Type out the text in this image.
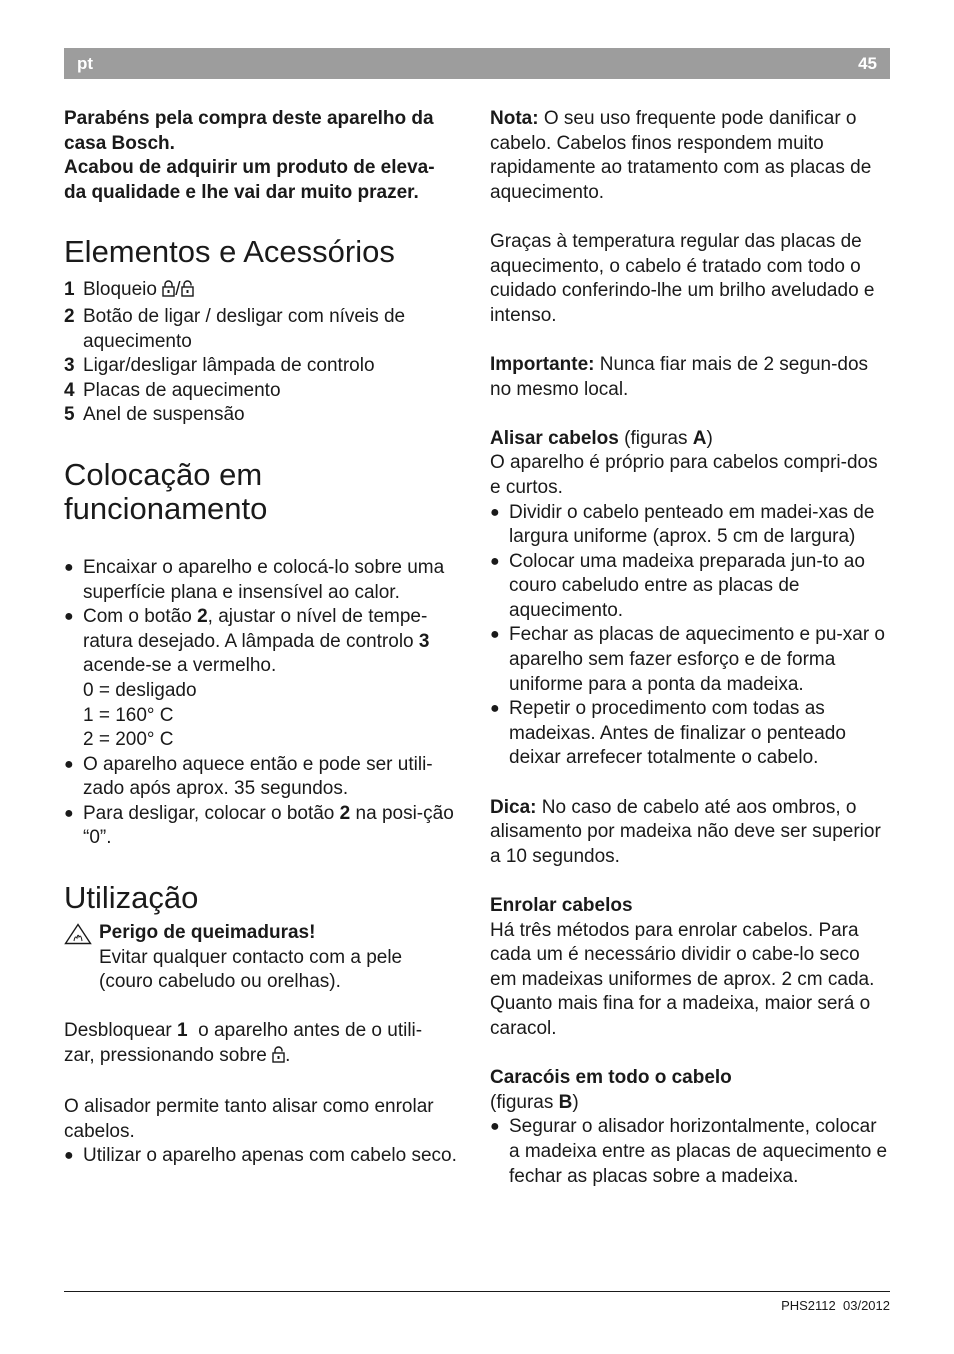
pt	45

Parabéns pela compra deste aparelho da

casa Bosch.

Acabou de adquirir um produto de eleva-

da qualidade e lhe vai dar muito prazer.

Elementos e Acessórios
1 Bloqueio /
2 Botão de ligar / desligar com níveis de aquecimento
3 Ligar/desligar lâmpada de controlo
4 Placas de aquecimento
5 Anel de suspensão
Colocação em
funcionamento
● Encaixar o aparelho e colocá-lo sobre uma superfície plana e insensível ao calor.
● Com o botão 2, ajustar o nível de tempe-ratura desejado. A lâmpada de controlo 3 acende-se a vermelho.

0 = desligado

1 = 160° C

2 = 200° C

● O aparelho aquece então e pode ser utili-zado após aprox. 35 segundos.
● Para desligar, colocar o botão 2 na posi-ção “0”.
Utilização
Perigo de queimaduras!
Evitar qualquer contacto com a pele
(couro cabeludo ou orelhas).

Desbloquear 1  o aparelho antes de o utili-
zar, pressionando sobre .

O alisador permite tanto alisar como enrolar cabelos.

● Utilizar o aparelho apenas com cabelo seco.

Nota: O seu uso frequente pode danificar o cabelo. Cabelos finos respondem muito rapidamente ao tratamento com as placas de aquecimento.

Graças à temperatura regular das placas de aquecimento, o cabelo é tratado com todo o cuidado conferindo-lhe um brilho aveludado e intenso.

Importante: Nunca fiar mais de 2 segun-dos no mesmo local.

Alisar cabelos (figuras A)

O aparelho é próprio para cabelos compri-dos e curtos.

● Dividir o cabelo penteado em madei-xas de largura uniforme (aprox. 5 cm de largura)
● Colocar uma madeixa preparada jun-to ao couro cabeludo entre as placas de aquecimento.
● Fechar as placas de aquecimento e pu-xar o aparelho sem fazer esforço e de forma uniforme para a ponta da madeixa.
● Repetir o procedimento com todas as madeixas. Antes de finalizar o penteado deixar arrefecer totalmente o cabelo.

Dica: No caso de cabelo até aos ombros, o alisamento por madeixa não deve ser superior a 10 segundos.

Enrolar cabelos

Há três métodos para enrolar cabelos. Para cada um é necessário dividir o cabe-lo seco em madeixas uniformes de aprox. 2 cm cada. Quanto mais fina for a madeixa, maior será o caracol.

Caracóis em todo o cabelo

(figuras B)

● Segurar o alisador horizontalmente, colocar a madeixa entre as placas de aquecimento e fechar as placas sobre a madeixa.
PHS2112 03/2012
